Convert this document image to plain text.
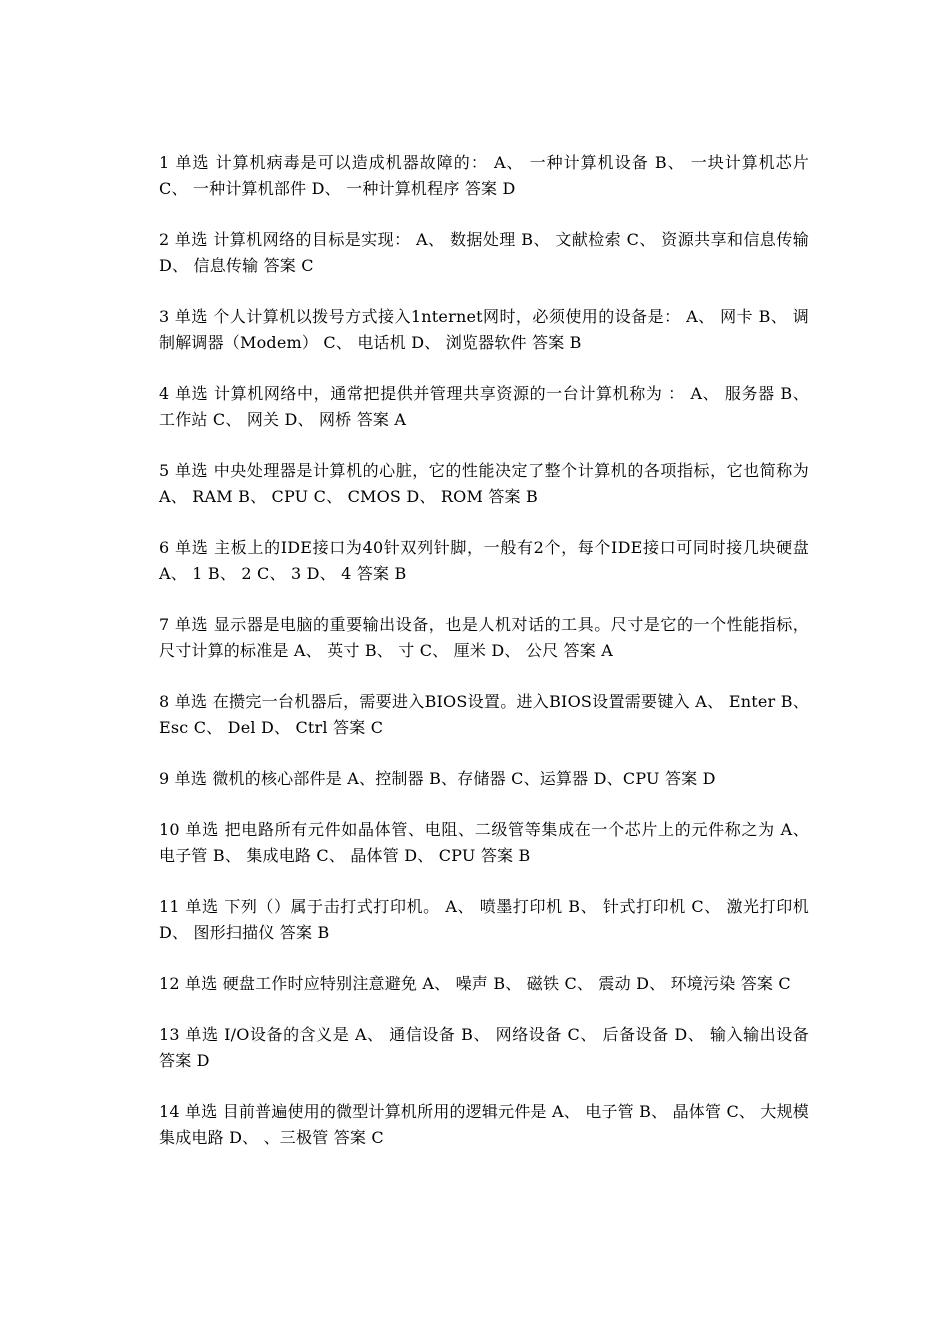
1 单选 计算机病毒是可以造成机器故障的： A、 一种计算机设备 B、 一块计算机芯片 C、 一种计算机部件 D、 一种计算机程序 答案 D

2 单选 计算机网络的目标是实现： A、 数据处理 B、 文献检索 C、 资源共享和信息传输 D、 信息传输 答案 C

3 单选 个人计算机以拨号方式接入1nternet网时，必须使用的设备是： A、 网卡 B、 调制解调器（Modem） C、 电话机 D、 浏览器软件 答案 B

4 单选 计算机网络中，通常把提供并管理共享资源的一台计算机称为 ： A、 服务器 B、 工作站 C、 网关 D、 网桥 答案 A

5 单选 中央处理器是计算机的心脏，它的性能决定了整个计算机的各项指标，它也简称为 A、 RAM B、 CPU C、 CMOS D、 ROM 答案 B

6 单选 主板上的IDE接口为40针双列针脚，一般有2个，每个IDE接口可同时接几块硬盘 A、 1 B、 2 C、 3 D、 4 答案 B

7 单选 显示器是电脑的重要输出设备，也是人机对话的工具。尺寸是它的一个性能指标，尺寸计算的标准是 A、 英寸 B、 寸 C、 厘米 D、 公尺 答案 A

8 单选 在攒完一台机器后，需要进入BIOS设置。进入BIOS设置需要键入 A、 Enter B、 Esc C、 Del D、 Ctrl 答案 C

9 单选 微机的核心部件是 A、控制器 B、存储器 C、运算器 D、CPU 答案 D

10 单选 把电路所有元件如晶体管、电阻、二级管等集成在一个芯片上的元件称之为 A、 电子管 B、 集成电路 C、 晶体管 D、 CPU 答案 B

11 单选 下列（）属于击打式打印机。 A、 喷墨打印机 B、 针式打印机 C、 激光打印机 D、 图形扫描仪 答案 B

12 单选 硬盘工作时应特别注意避免 A、 噪声 B、 磁铁 C、 震动 D、 环境污染 答案 C

13 单选 I/O设备的含义是 A、 通信设备 B、 网络设备 C、 后备设备 D、 输入输出设备 答案 D

14 单选 目前普遍使用的微型计算机所用的逻辑元件是 A、 电子管 B、 晶体管 C、 大规模集成电路 D、 、三极管 答案 C
